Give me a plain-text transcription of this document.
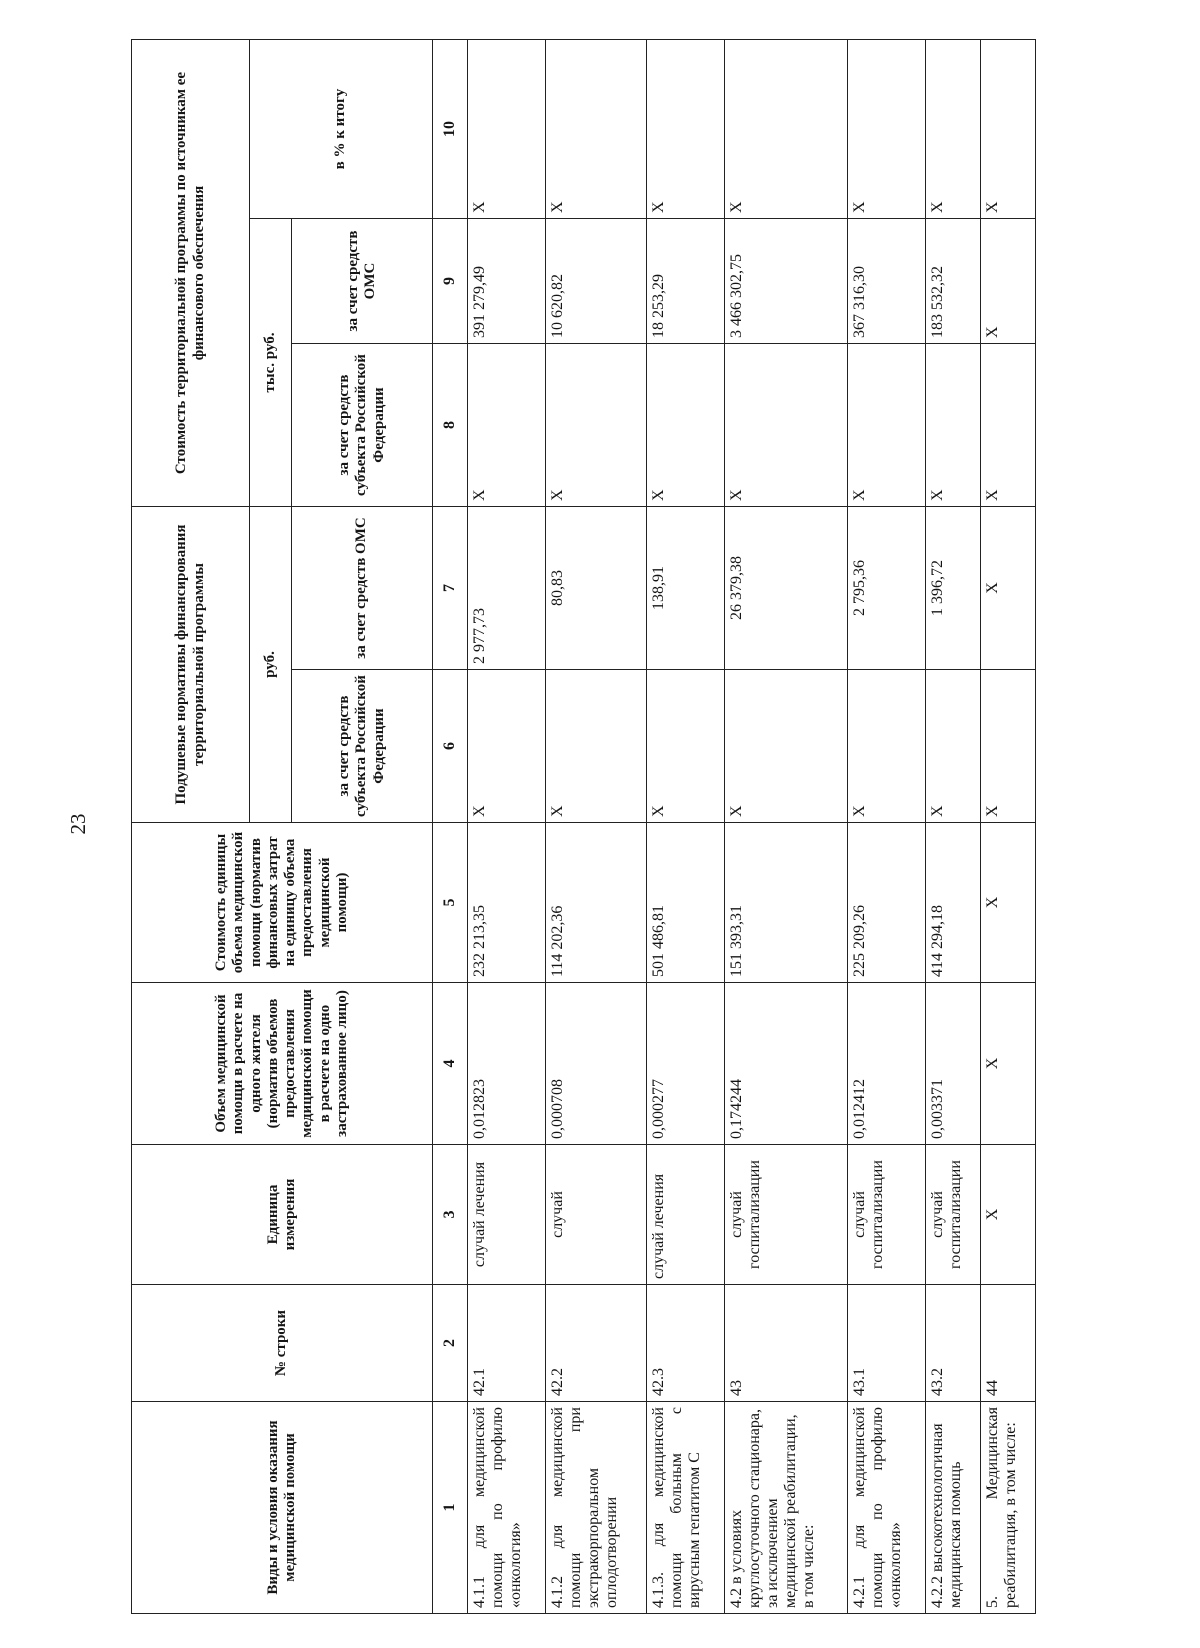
23
Виды и условия оказания медицинской помощи	№ строки	Единица измерения	Объем медицинской помощи в расчете на одного жителя (норматив объемов предоставления медицинской помощи в расчете на одно застрахованное лицо)	Стоимость единицы объема медицинской помощи (норматив финансовых затрат на единицу объема предоставления медицинской помощи)	Подушевые нормативы финансирования территориальной программы		Стоимость территориальной программы по источникам ее финансового обеспечения		
					руб.		тыс. руб.		в % к итогу
					за счет средств субъекта Российской Федерации	за счет средств ОМС	за счет средств субъекта Российской Федерации	за счет средств ОМС	
1	2	3	4	5	6	7	8	9	10
4.1.1 для медицинской помощи по профилю «онкология»	42.1	случай лечения	0,012823	232 213,35	X	2 977,73	X	391 279,49	X
4.1.2 для медицинской помощи при экстракорпоральном оплодотворении	42.2	случай	0,000708	114 202,36	X	80,83	X	10 620,82	X
4.1.3. для медицинской помощи больным с вирусным гепатитом С	42.3	случай лечения	0,000277	501 486,81	X	138,91	X	18 253,29	X
4.2 в условиях круглосуточного стационара, за исключением медицинской реабилитации, в том числе:	43	случай госпитализации	0,174244	151 393,31	X	26 379,38	X	3 466 302,75	X
4.2.1 для медицинской помощи по профилю «онкология»	43.1	случай госпитализации	0,012412	225 209,26	X	2 795,36	X	367 316,30	X
4.2.2 высокотехнологичная медицинская помощь	43.2	случай госпитализации	0,003371	414 294,18	X	1 396,72	X	183 532,32	X
5. Медицинская реабилитация, в том числе:	44	X	X	X	X	X	X	X	X
